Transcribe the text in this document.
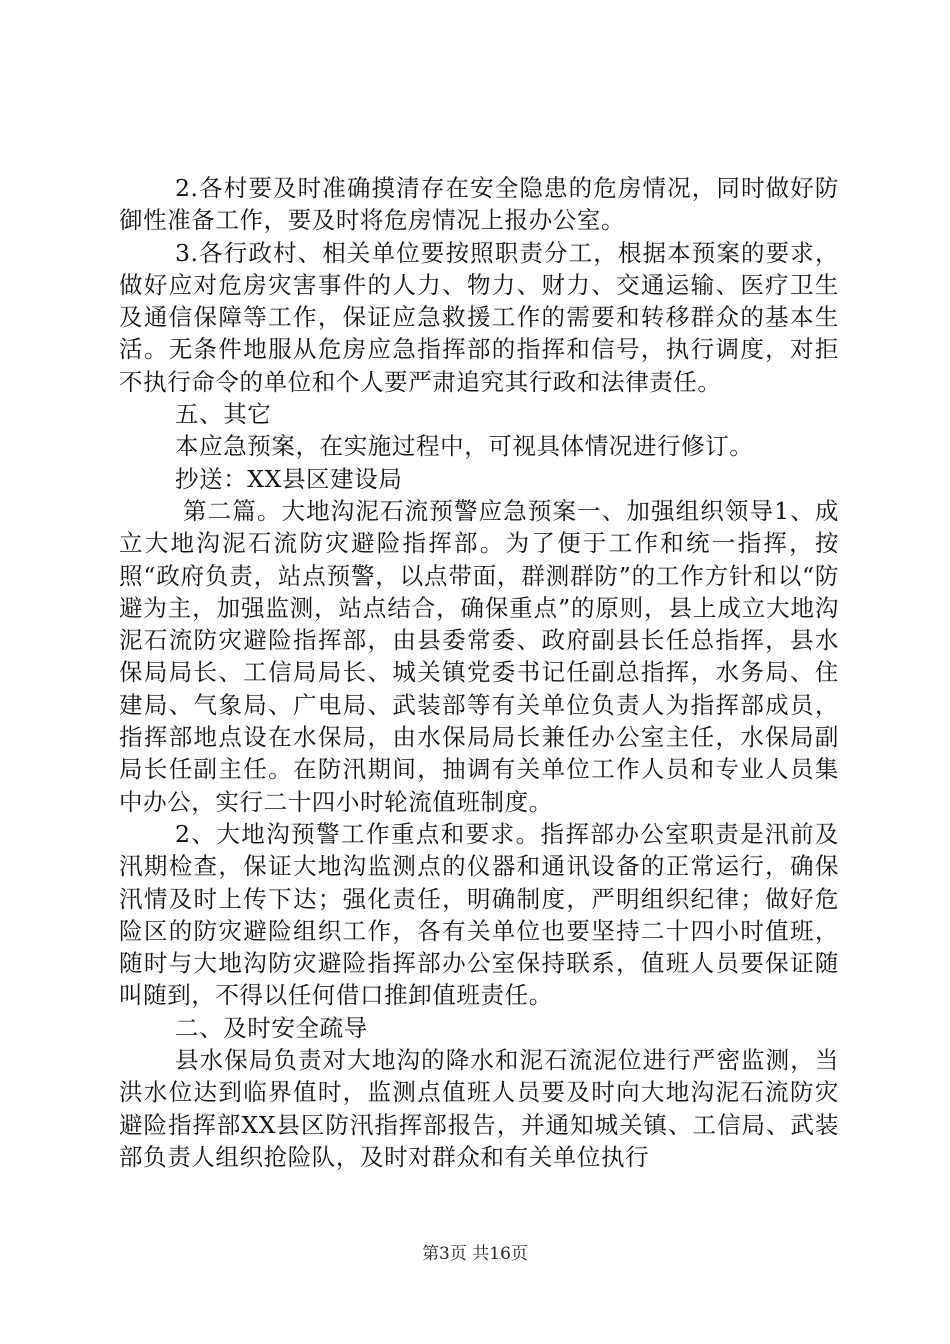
2.各村要及时准确摸清存在安全隐患的危房情况，同时做好防御性准备工作，要及时将危房情况上报办公室。

3.各行政村、相关单位要按照职责分工，根据本预案的要求，做好应对危房灾害事件的人力、物力、财力、交通运输、医疗卫生及通信保障等工作，保证应急救援工作的需要和转移群众的基本生活。无条件地服从危房应急指挥部的指挥和信号，执行调度，对拒不执行命令的单位和个人要严肃追究其行政和法律责任。

五、其它

本应急预案，在实施过程中，可视具体情况进行修订。

抄送：XX县区建设局

第二篇。大地沟泥石流预警应急预案一、加强组织领导1、成立大地沟泥石流防灾避险指挥部。为了便于工作和统一指挥，按照“政府负责，站点预警，以点带面，群测群防”的工作方针和以“防避为主，加强监测，站点结合，确保重点”的原则，县上成立大地沟泥石流防灾避险指挥部，由县委常委、政府副县长任总指挥，县水保局局长、工信局局长、城关镇党委书记任副总指挥，水务局、住建局、气象局、广电局、武装部等有关单位负责人为指挥部成员，指挥部地点设在水保局，由水保局局长兼任办公室主任，水保局副局长任副主任。在防汛期间，抽调有关单位工作人员和专业人员集中办公，实行二十四小时轮流值班制度。

2、大地沟预警工作重点和要求。指挥部办公室职责是汛前及汛期检查，保证大地沟监测点的仪器和通讯设备的正常运行，确保汛情及时上传下达；强化责任，明确制度，严明组织纪律；做好危险区的防灾避险组织工作，各有关单位也要坚持二十四小时值班，随时与大地沟防灾避险指挥部办公室保持联系，值班人员要保证随叫随到，不得以任何借口推卸值班责任。

二、及时安全疏导

县水保局负责对大地沟的降水和泥石流泥位进行严密监测，当洪水位达到临界值时，监测点值班人员要及时向大地沟泥石流防灾避险指挥部XX县区防汛指挥部报告，并通知城关镇、工信局、武装部负责人组织抢险队，及时对群众和有关单位执行

第3页 共16页
